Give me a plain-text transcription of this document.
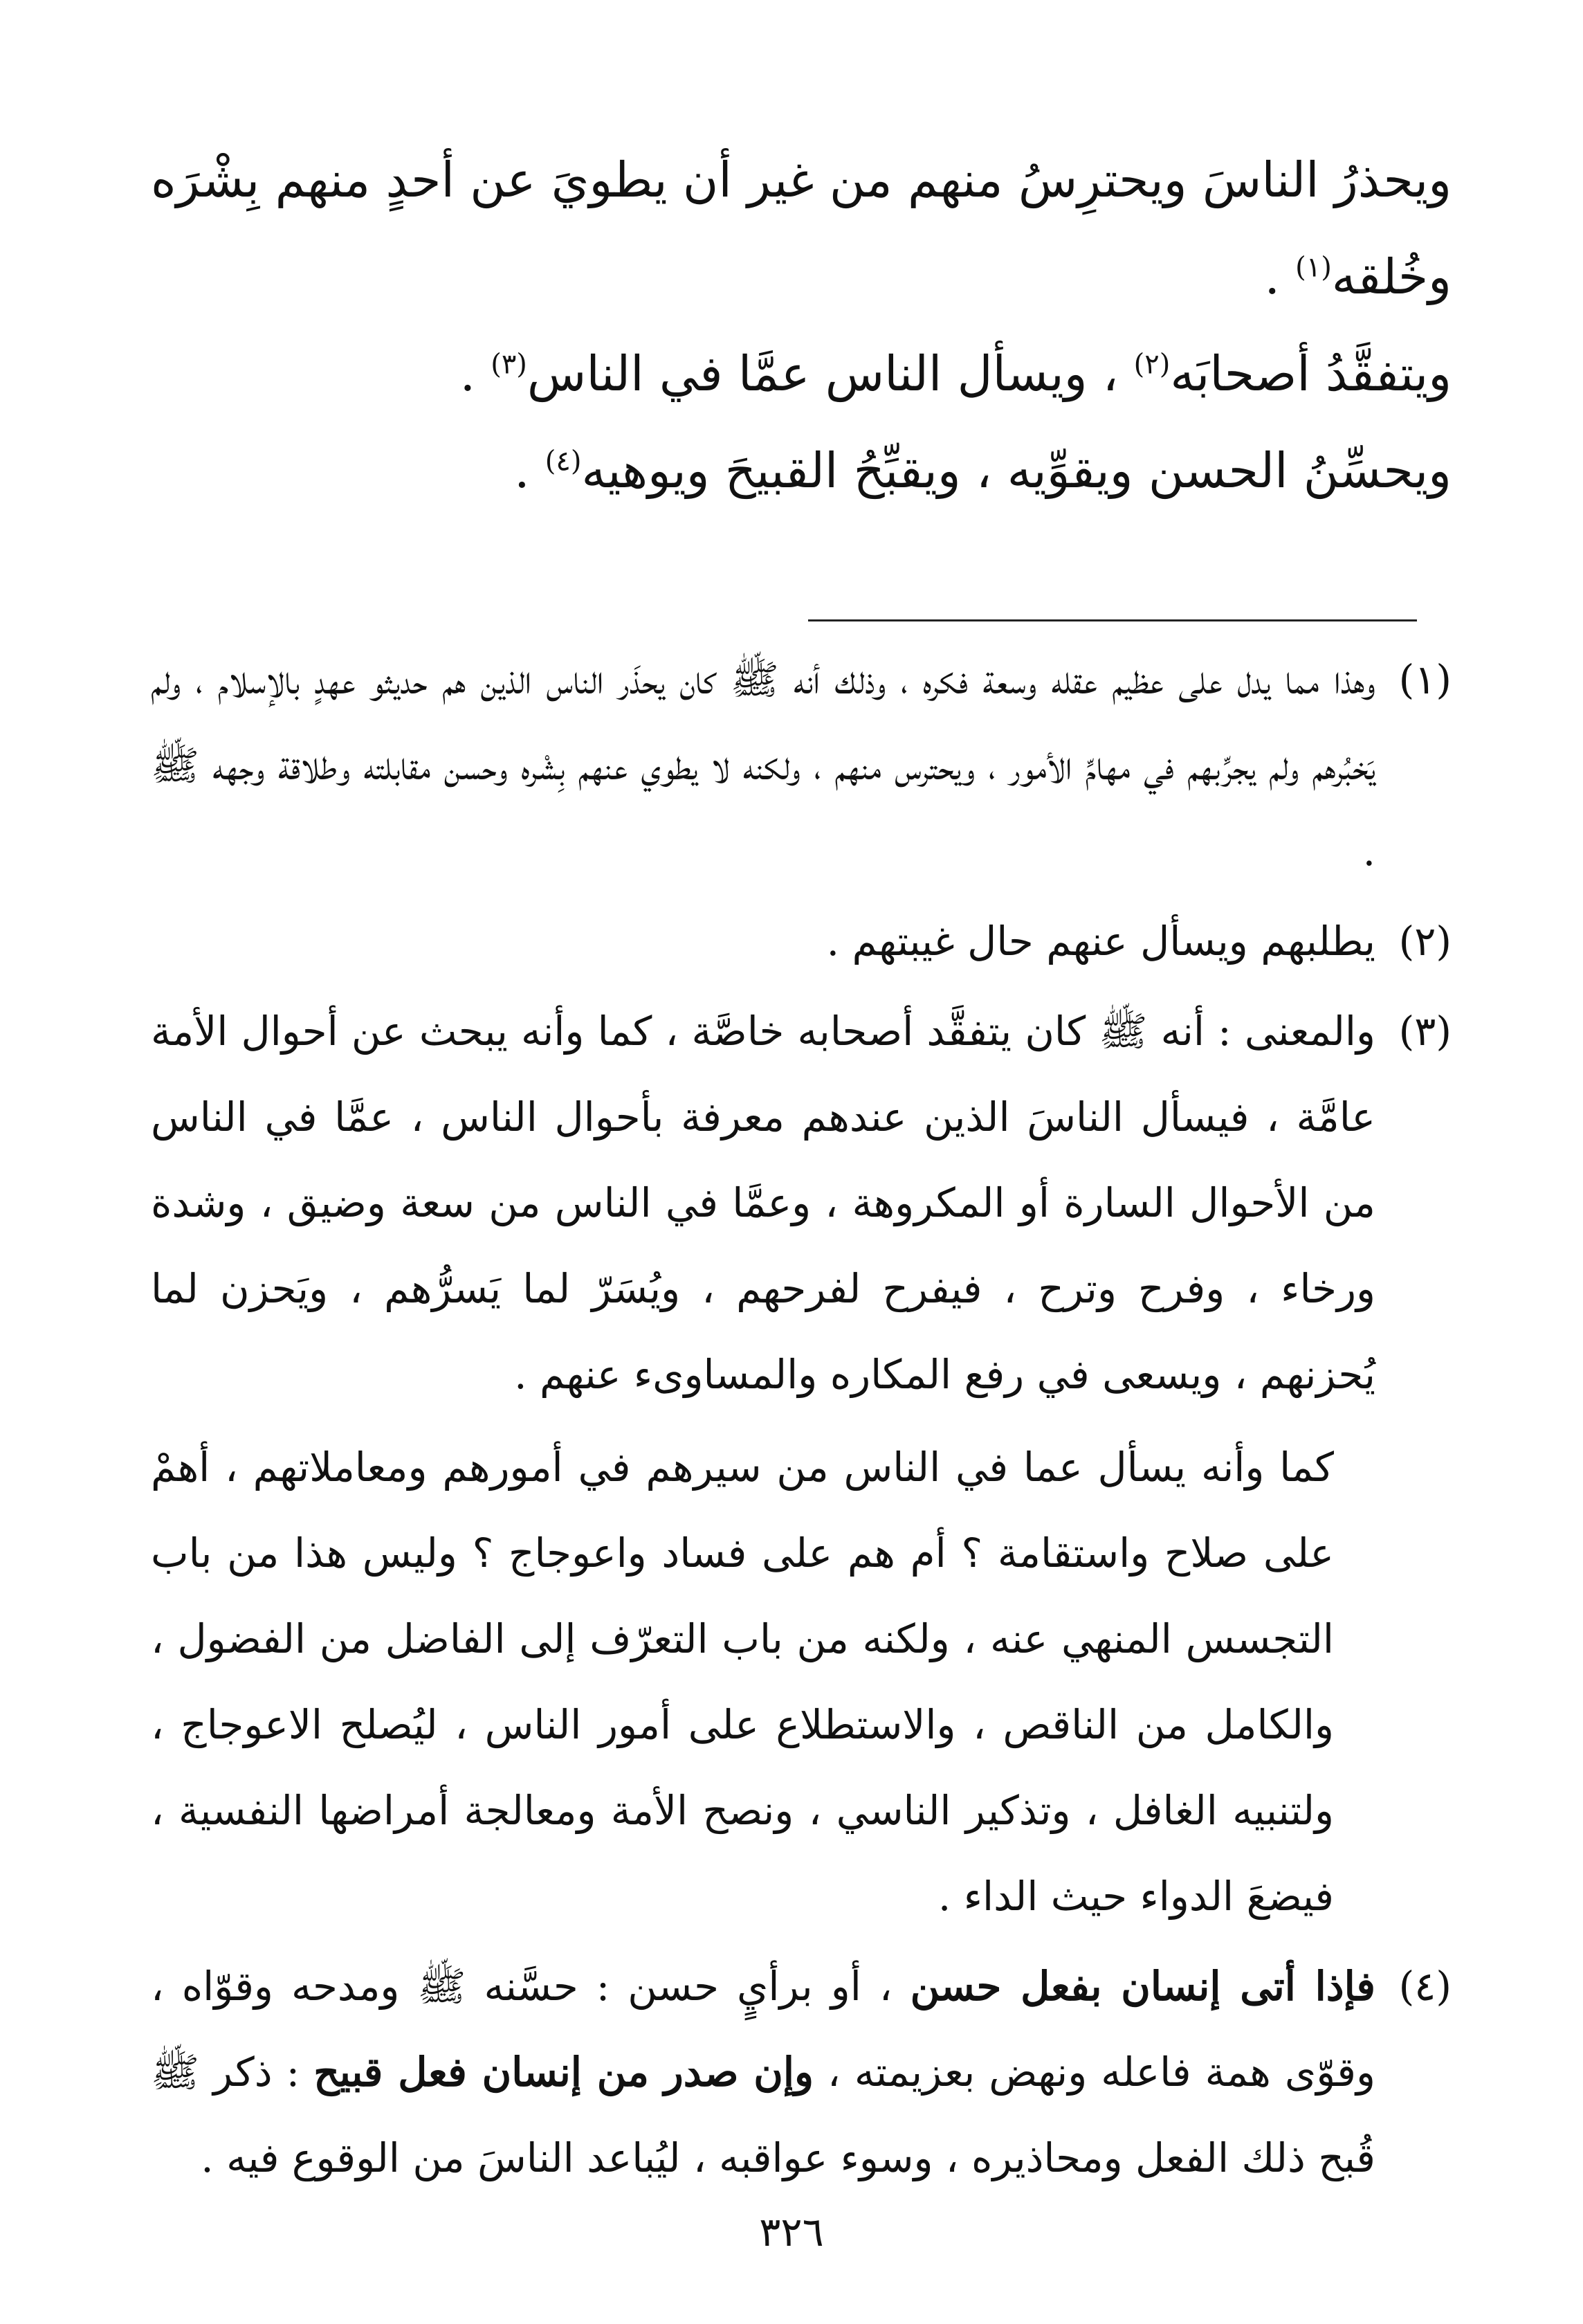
ويحذرُ الناسَ ويحترِسُ منهم من غير أن يطويَ عن أحدٍ منهم بِشْرَه وخُلقه$^{(١)}$ .

ويتفقَّدُ أصحابَه$^{(٢)}$ ، ويسأل الناس عمَّا في الناس$^{(٣)}$ .

ويحسِّنُ الحسن ويقوِّيه ، ويقبِّحُ القبيحَ ويوهيه$^{(٤)}$ .

(١)
وهذا مما يدل على عظيم عقله وسعة فكره ، وذلك أنه ﷺ كان يحذَر الناس الذين هم حديثو عهدٍ بالإسلام ، ولم يَخبُرهم ولم يجرِّبهم في مهامِّ الأمور ، ويحترس منهم ، ولكنه لا يطوي عنهم بِشْره وحسن مقابلته وطلاقة وجهه ﷺ .
(٢)
يطلبهم ويسأل عنهم حال غيبتهم .
(٣)
والمعنى : أنه ﷺ كان يتفقَّد أصحابه خاصَّة ، كما وأنه يبحث عن أحوال الأمة عامَّة ، فيسأل الناسَ الذين عندهم معرفة بأحوال الناس ، عمَّا في الناس من الأحوال السارة أو المكروهة ، وعمَّا في الناس من سعة وضيق ، وشدة ورخاء ، وفرح وترح ، فيفرح لفرحهم ، ويُسَرّ لما يَسرُّهم ، ويَحزن لما يُحزنهم ، ويسعى في رفع المكاره والمساوىء عنهم .

كما وأنه يسأل عما في الناس من سيرهم في أمورهم ومعاملاتهم ، أهمْ على صلاح واستقامة ؟ أم هم على فساد واعوجاج ؟ وليس هذا من باب التجسس المنهي عنه ، ولكنه من باب التعرّف إلى الفاضل من الفضول ، والكامل من الناقص ، والاستطلاع على أمور الناس ، ليُصلح الاعوجاج ، ولتنبيه الغافل ، وتذكير الناسي ، ونصح الأمة ومعالجة أمراضها النفسية ، فيضعَ الدواء حيث الداء .

(٤)
فإذا أتى إنسان بفعل حسن ، أو برأيٍ حسن : حسَّنه ﷺ ومدحه وقوّاه ، وقوّى همة فاعله ونهض بعزيمته ، وإن صدر من إنسان فعل قبيح : ذكر ﷺ قُبح ذلك الفعل ومحاذيره ، وسوء عواقبه ، ليُباعد الناسَ من الوقوع فيه .
٣٢٦
